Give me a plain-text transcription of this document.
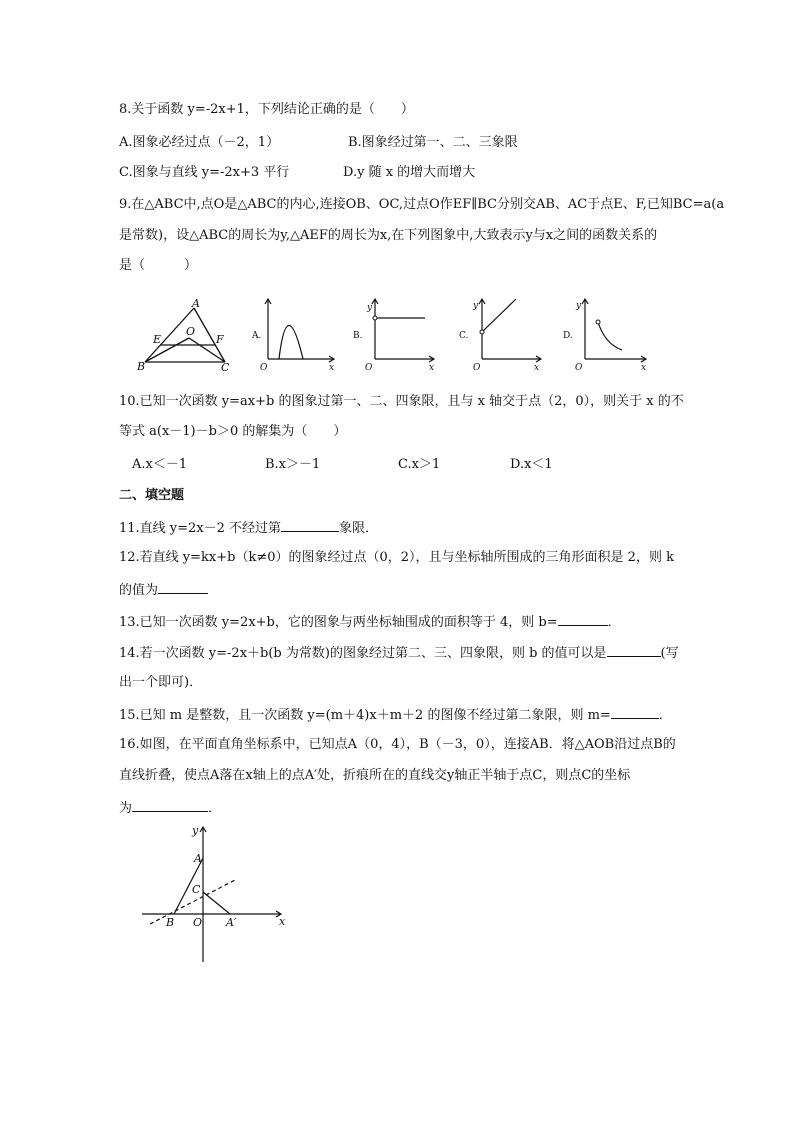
8.关于函数 y=-2x+1，下列结论正确的是（　　）
A.图象必经过点（－2，1）	B.图象经过第一、二、三象限
C.图象与直线 y=-2x+3 平行	D.y 随 x 的增大而增大
9.在△ABC中,点O是△ABC的内心,连接OB、OC,过点O作EF∥BC分别交AB、AC于点E、F,已知BC=a(a
是常数)，设△ABC的周长为y,△AEF的周长为x,在下列图象中,大致表示y与x之间的函数关系的
是（　　　）
A
E
O
F
B	C
A.
O	x
y
B.
O	x
y
C.
O	x
y
D.
O	x
10.已知一次函数 y=ax+b 的图象过第一、二、四象限，且与 x 轴交于点（2，0），则关于 x 的不
等式 a(x－1)－b＞0 的解集为（　　）
A.x＜－1	B.x＞－1	C.x＞1	D.x＜1
二、填空题
11.直线 y=2x－2 不经过第	象限．
12.若直线 y=kx+b（k≠0）的图象经过点（0，2），且与坐标轴所围成的三角形面积是 2，则 k
的值为
13.已知一次函数 y=2x+b，它的图象与两坐标轴围成的面积等于 4，则 b=	．
14.若一次函数 y=-2x＋b(b 为常数)的图象经过第二、三、四象限，则 b 的值可以是	(写
出一个即可)．
15.已知 m 是整数，且一次函数 y=(m＋4)x＋m＋2 的图像不经过第二象限，则 m=	．
16.如图，在平面直角坐标系中，已知点A（0，4），B（－3，0），连接AB．将△AOB沿过点B的
直线折叠，使点A落在x轴上的点A′处，折痕所在的直线交y轴正半轴于点C，则点C的坐标
为	．
y
x
A
C
B O A′
